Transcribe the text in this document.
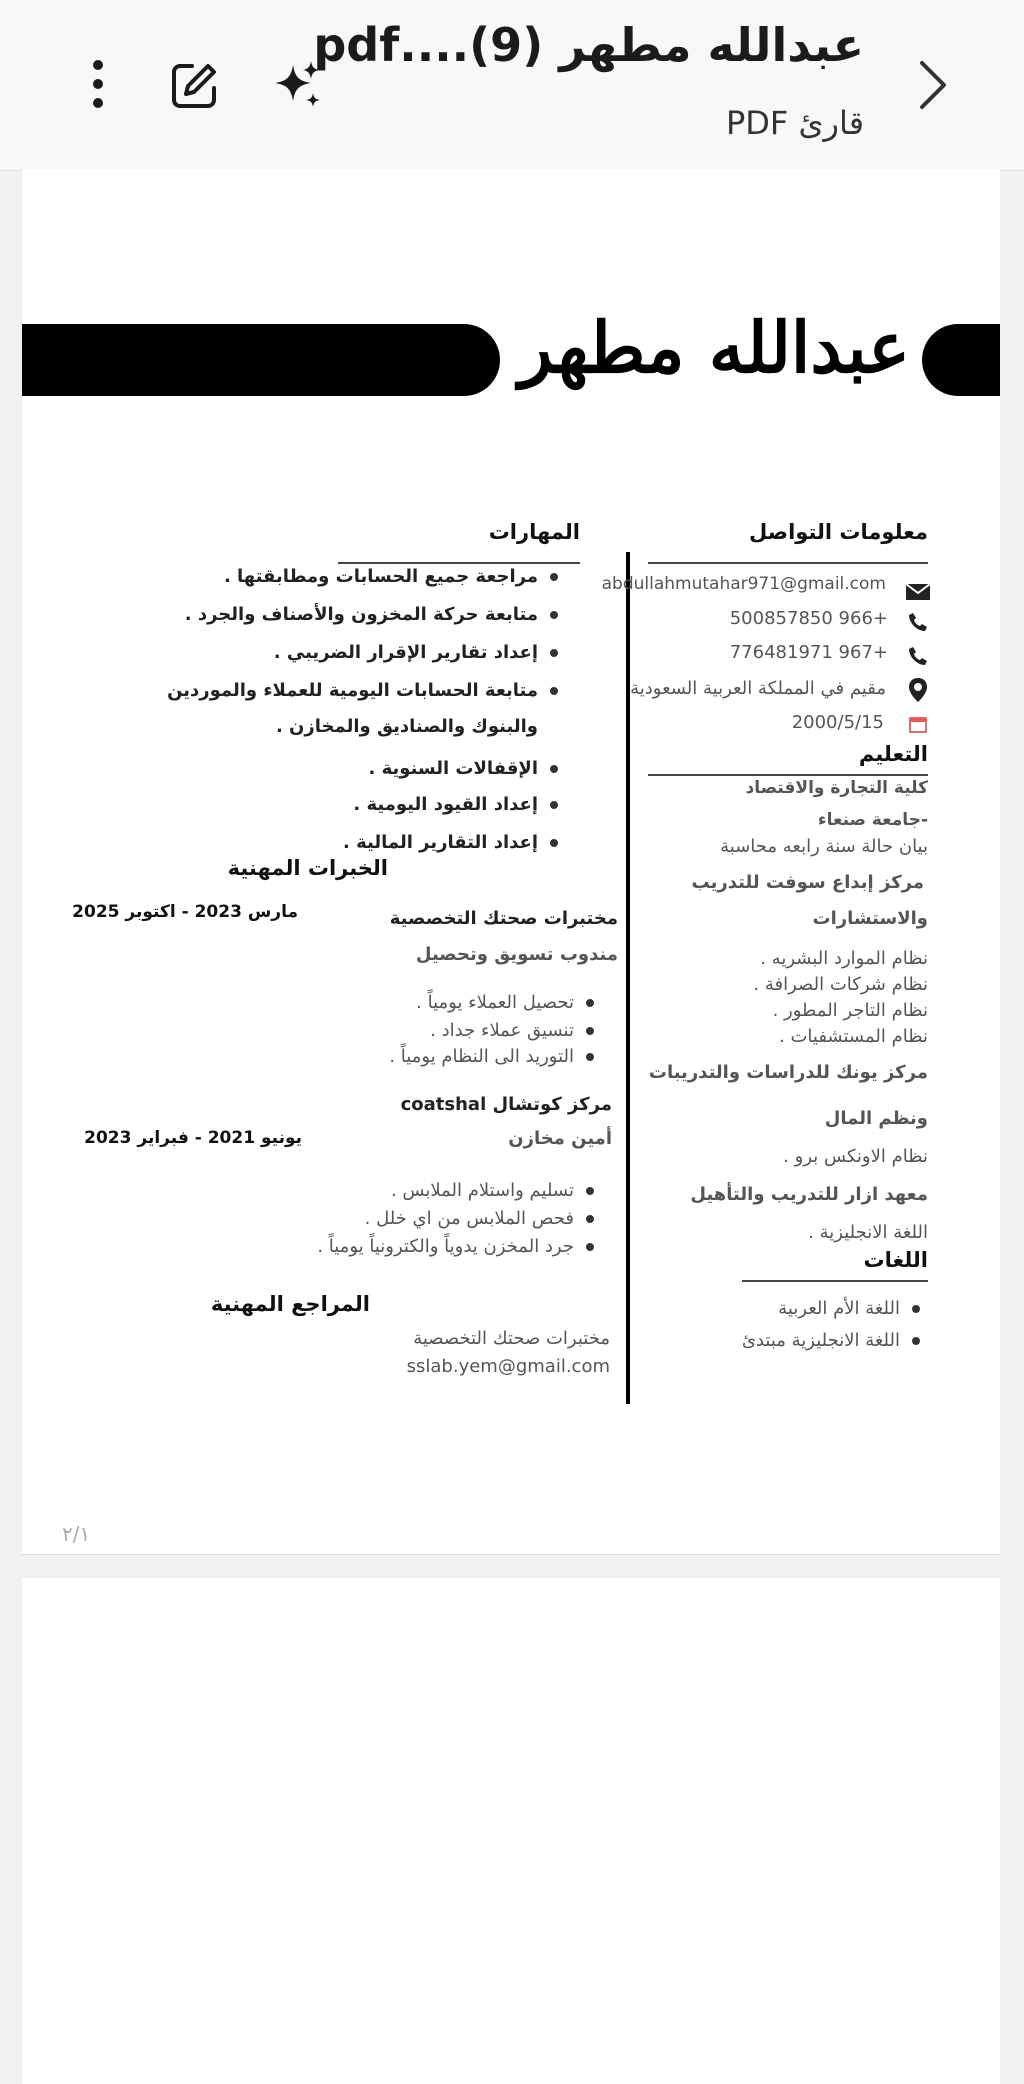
عبدالله مطهر (9)....pdf
قارئ PDF
عبدالله مطهر
معلومات التواصل
abdullahmutahar971@gmail.com
+966 500857850
+967 776481971
مقيم في المملكة العربية السعودية
2000/5/15
التعليم
كلية التجارة والاقتصاد
-جامعة صنعاء
بيان حالة سنة رابعه محاسبة
مركز إبداع سوفت للتدريب
والاستشارات
نظام الموارد البشريه .
نظام شركات الصرافة .
نظام التاجر المطور .
نظام المستشفيات .
مركز يونك للدراسات والتدريبات
ونظم المال
نظام الاونكس برو .
معهد ازار للتدريب والتأهيل
اللغة الانجليزية .
اللغات
اللغة الأم العربية
اللغة الانجليزية مبتدئ
المهارات
مراجعة جميع الحسابات ومطابقتها .
متابعة حركة المخزون والأصناف والجرد .
إعداد تقارير الإقرار الضريبي .
متابعة الحسابات اليومية للعملاء والموردين
والبنوك والصناديق والمخازن .
الإقفالات السنوية .
إعداد القيود اليومية .
إعداد التقارير المالية .
الخبرات المهنية
مختبرات صحتك التخصصية
مارس 2023 - اكتوبر 2025
مندوب تسويق وتحصيل
تحصيل العملاء يومياً .
تنسيق عملاء جداد .
التوريد الى النظام يومياً .
مركز كوتشال coatshal
يونيو 2021 - فبراير 2023	أمين مخازن
تسليم واستلام الملابس .
فحص الملابس من اي خلل .
جرد المخزن يدوياً والكترونياً يومياً .
المراجع المهنية
مختبرات صحتك التخصصية
sslab.yem@gmail.com
٢/١
